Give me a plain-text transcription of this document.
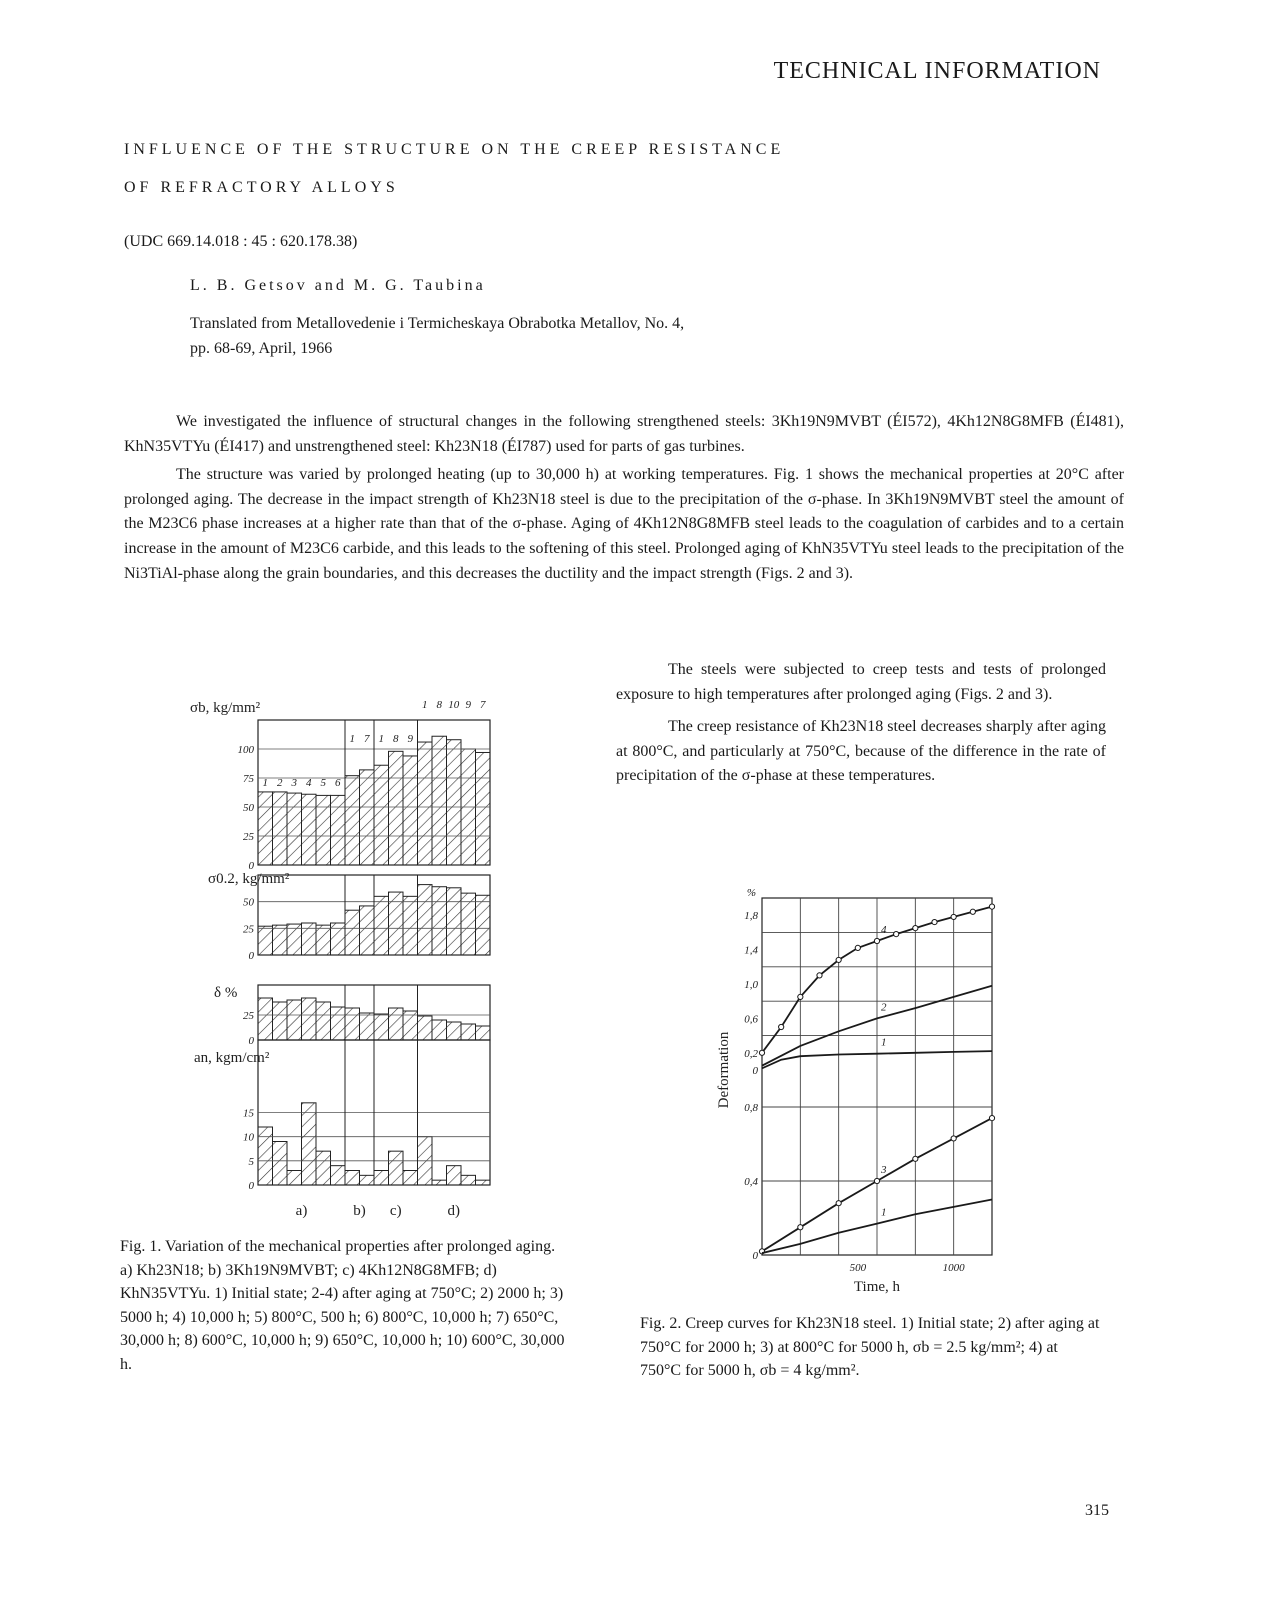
TECHNICAL INFORMATION
INFLUENCE OF THE STRUCTURE ON THE CREEP RESISTANCE
OF REFRACTORY ALLOYS
(UDC 669.14.018 : 45 : 620.178.38)
L. B. Getsov and M. G. Taubina
Translated from Metallovedenie i Termicheskaya Obrabotka Metallov, No. 4,
pp. 68-69, April, 1966

We investigated the influence of structural changes in the following strengthened steels: 3Kh19N9MVBT (ÉI572), 4Kh12N8G8MFB (ÉI481), KhN35VTYu (ÉI417) and unstrengthened steel: Kh23N18 (ÉI787) used for parts of gas turbines.

The structure was varied by prolonged heating (up to 30,000 h) at working temperatures. Fig. 1 shows the mechanical properties at 20°C after prolonged aging. The decrease in the impact strength of Kh23N18 steel is due to the precipitation of the σ-phase. In 3Kh19N9MVBT steel the amount of the M23C6 phase increases at a higher rate than that of the σ-phase. Aging of 4Kh12N8G8MFB steel leads to the coagulation of carbides and to a certain increase in the amount of M23C6 carbide, and this leads to the softening of this steel. Prolonged aging of KhN35VTYu steel leads to the precipitation of the Ni3TiAl-phase along the grain boundaries, and this decreases the ductility and the impact strength (Figs. 2 and 3).

The steels were subjected to creep tests and tests of prolonged exposure to high temperatures after prolonged aging (Figs. 2 and 3).

The creep resistance of Kh23N18 steel decreases sharply after aging at 800°C, and particularly at 750°C, because of the difference in the rate of precipitation of the σ-phase at these temperatures.

0
25
50
75
100
0
25
50
0
25
0
5
10
15
σb, kg/mm²
σ0.2, kg/mm²
δ %
an, kgm/cm²
1 2 3 4 5 6
1 7 1 8 9
1 8 10 9 7
a)	b) c)	d)
Fig. 1. Variation of the mechanical properties after prolonged aging. a) Kh23N18; b) 3Kh19N9MVBT; c) 4Kh12N8G8MFB; d) KhN35VTYu. 1) Initial state; 2-4) after aging at 750°C; 2) 2000 h; 3) 5000 h; 4) 10,000 h; 5) 800°C, 500 h; 6) 800°C, 10,000 h; 7) 650°C, 30,000 h; 8) 600°C, 10,000 h; 9) 650°C, 10,000 h; 10) 600°C, 30,000 h.
0
0,2
0,6
1,0
1,4
1,8
0
0,4
0,8
%
500	1000
Time, h
Deformation
4
2
1
3
1
Fig. 2. Creep curves for Kh23N18 steel. 1) Initial state; 2) after aging at 750°C for 2000 h; 3) at 800°C for 5000 h, σb = 2.5 kg/mm²; 4) at 750°C for 5000 h, σb = 4 kg/mm².
315
